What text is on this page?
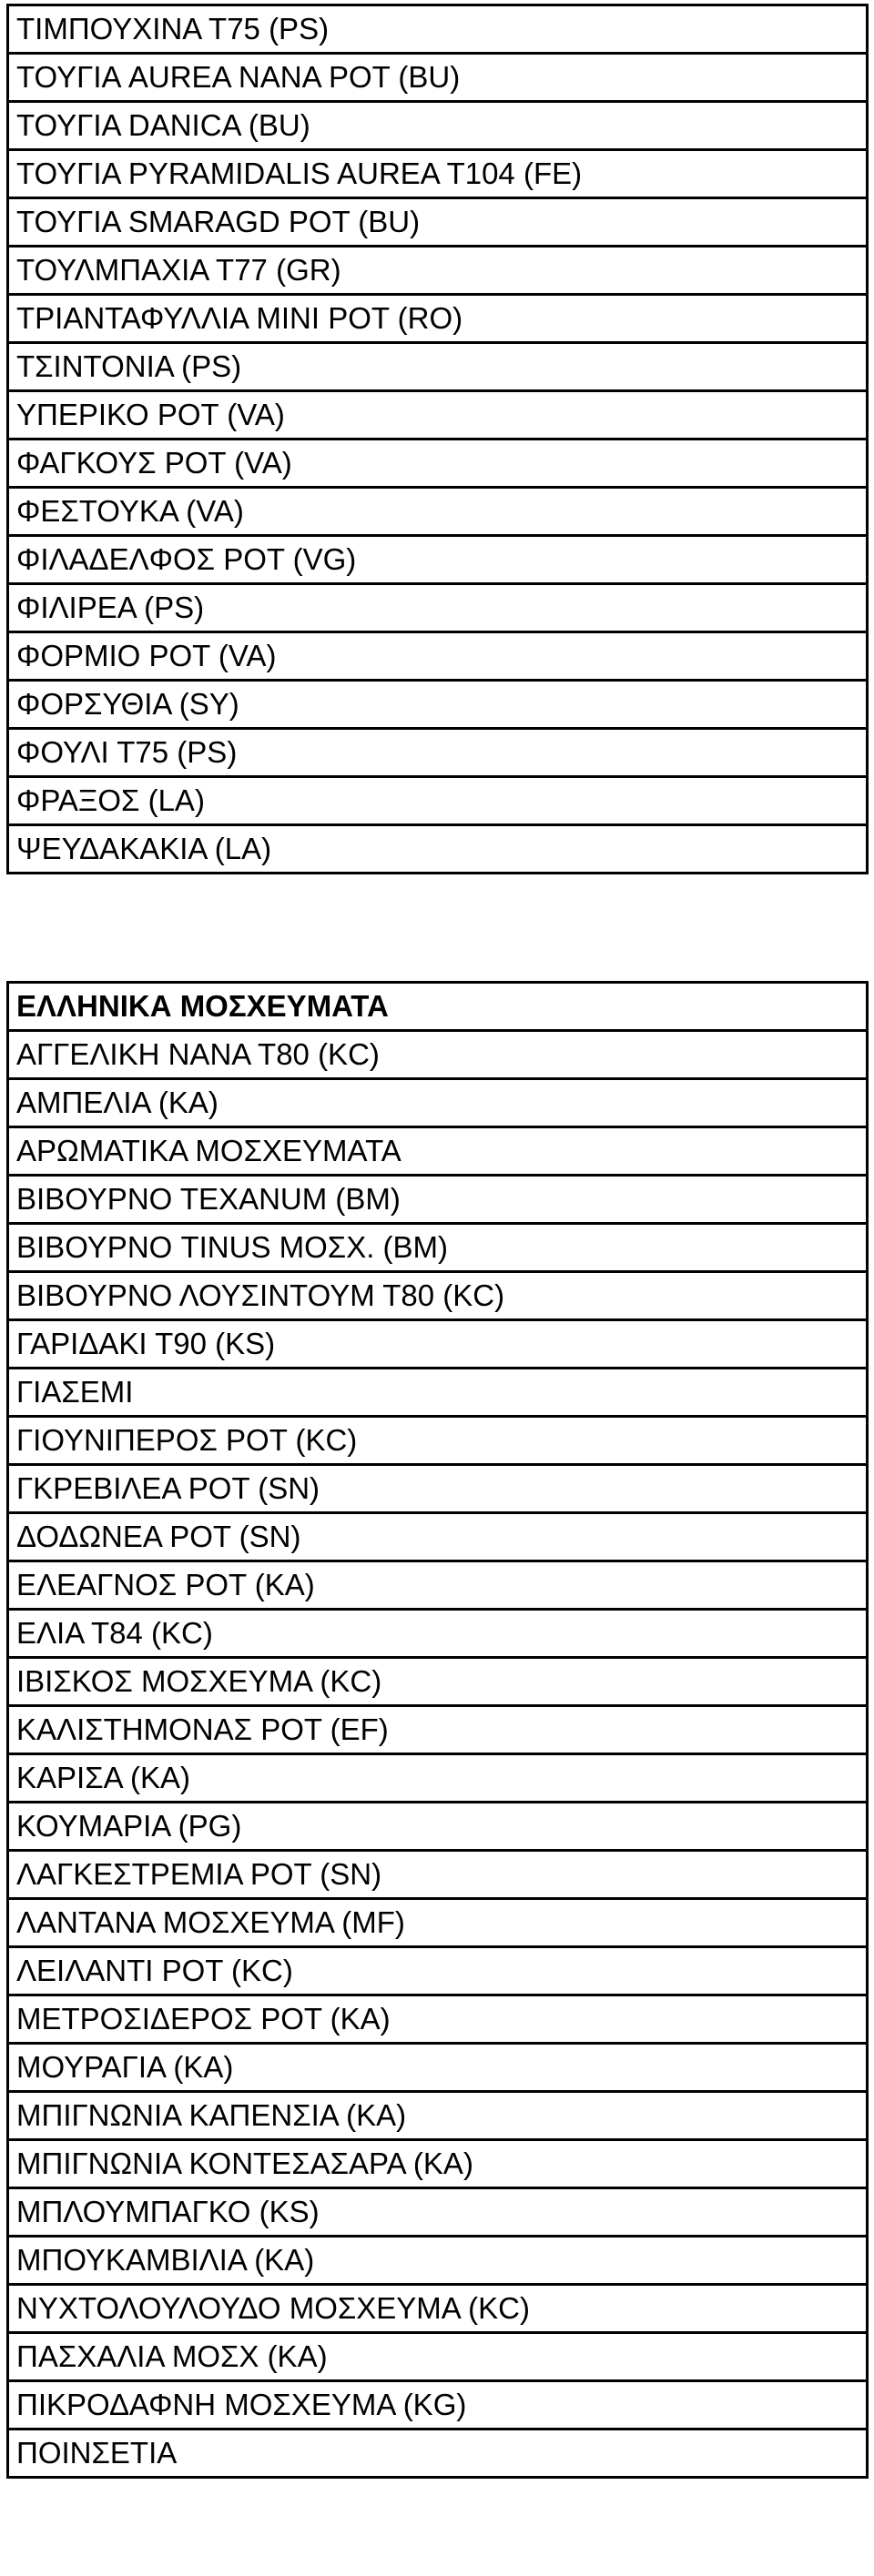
ΤΙΜΠΟΥΧΙΝΑ Τ75 (PS)
ΤΟΥΓΙΑ AUREA NANA ΡΟΤ (BU)
ΤΟΥΓΙΑ DANICA (BU)
ΤΟΥΓΙΑ PYRAMIDALIS AUREA T104 (FE)
ΤΟΥΓΙΑ SMARAGD ΡΟΤ (BU)
ΤΟΥΛΜΠΑΧΙΑ Τ77 (GR)
ΤΡΙΑΝΤΑΦΥΛΛΙΑ ΜΙΝΙ ΡΟΤ (RO)
ΤΣΙΝΤΟΝΙΑ (PS)
ΥΠΕΡΙΚΟ ΡΟΤ (VA)
ΦΑΓΚΟΥΣ ΡΟΤ (VA)
ΦΕΣΤΟΥΚΑ (VA)
ΦΙΛΑΔΕΛΦΟΣ ΡΟΤ (VG)
ΦΙΛΙΡΕΑ (PS)
ΦΟΡΜΙΟ ΡΟΤ (VA)
ΦΟΡΣΥΘΙΑ (SY)
ΦΟΥΛΙ Τ75 (PS)
ΦΡΑΞΟΣ (LA)
ΨΕΥΔΑΚΑΚΙΑ (LA)
ΕΛΛΗΝΙΚΑ ΜΟΣΧΕΥΜΑΤΑ
ΑΓΓΕΛΙΚΗ ΝΑΝΑ Τ80 (KC)
ΑΜΠΕΛΙΑ (KA)
ΑΡΩΜΑΤΙΚΑ ΜΟΣΧΕΥΜΑΤΑ
ΒΙΒΟΥΡΝΟ ΤΕΧΑΝUM (BM)
ΒΙΒΟΥΡΝΟ TINUS ΜΟΣΧ. (BM)
ΒΙΒΟΥΡΝΟ ΛΟΥΣΙΝΤΟΥΜ Τ80 (KC)
ΓΑΡΙΔΑΚΙ Τ90 (KS)
ΓΙΑΣΕΜΙ
ΓΙΟΥΝΙΠΕΡΟΣ ΡΟΤ (KC)
ΓΚΡΕΒΙΛΕΑ ΡΟΤ (SN)
ΔΟΔΩΝΕΑ ΡΟΤ (SN)
ΕΛΕΑΓΝΟΣ ΡΟΤ (KA)
ΕΛΙΑ Τ84 (KC)
ΙΒΙΣΚΟΣ ΜΟΣΧΕΥΜΑ (KC)
ΚΑΛΙΣΤΗΜΟΝΑΣ ΡΟΤ (EF)
ΚΑΡΙΣΑ (KA)
ΚΟΥΜΑΡΙΑ (PG)
ΛΑΓΚΕΣΤΡΕΜΙΑ ΡΟΤ (SN)
ΛΑΝΤΑΝΑ ΜΟΣΧΕΥΜΑ (MF)
ΛΕΙΛΑΝΤΙ ΡΟΤ (KC)
ΜΕΤΡΟΣΙΔΕΡΟΣ ΡΟΤ (KA)
ΜΟΥΡΑΓΙΑ (KA)
ΜΠΙΓΝΩΝΙΑ ΚΑΠΕΝΣΙΑ (KA)
ΜΠΙΓΝΩΝΙΑ ΚΟΝΤΕΣΑΣΑΡΑ (KA)
ΜΠΛΟΥΜΠΑΓΚΟ (KS)
ΜΠΟΥΚΑΜΒΙΛΙΑ (KA)
ΝΥΧΤΟΛΟΥΛΟΥΔΟ ΜΟΣΧΕΥΜΑ (KC)
ΠΑΣΧΑΛΙΑ ΜΟΣΧ (KA)
ΠΙΚΡΟΔΑΦΝΗ ΜΟΣΧΕΥΜΑ (KG)
ΠΟΙΝΣΕΤΙΑ
